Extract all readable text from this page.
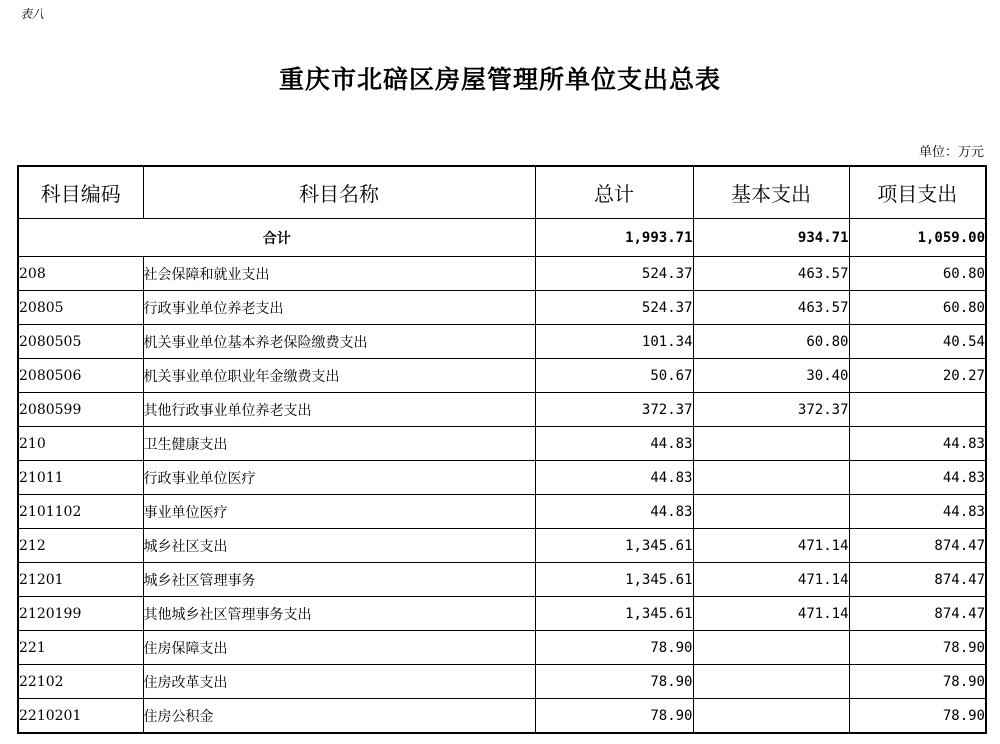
表八
重庆市北碚区房屋管理所单位支出总表
单位：万元
科目编码	科目名称	总计	基本支出	项目支出
合计		1,993.71	934.71	1,059.00
208	社会保障和就业支出	524.37	463.57	60.80
20805	行政事业单位养老支出	524.37	463.57	60.80
2080505	机关事业单位基本养老保险缴费支出	101.34	60.80	40.54
2080506	机关事业单位职业年金缴费支出	50.67	30.40	20.27
2080599	其他行政事业单位养老支出	372.37	372.37	
210	卫生健康支出	44.83		44.83
21011	行政事业单位医疗	44.83		44.83
2101102	事业单位医疗	44.83		44.83
212	城乡社区支出	1,345.61	471.14	874.47
21201	城乡社区管理事务	1,345.61	471.14	874.47
2120199	其他城乡社区管理事务支出	1,345.61	471.14	874.47
221	住房保障支出	78.90		78.90
22102	住房改革支出	78.90		78.90
2210201	住房公积金	78.90		78.90
